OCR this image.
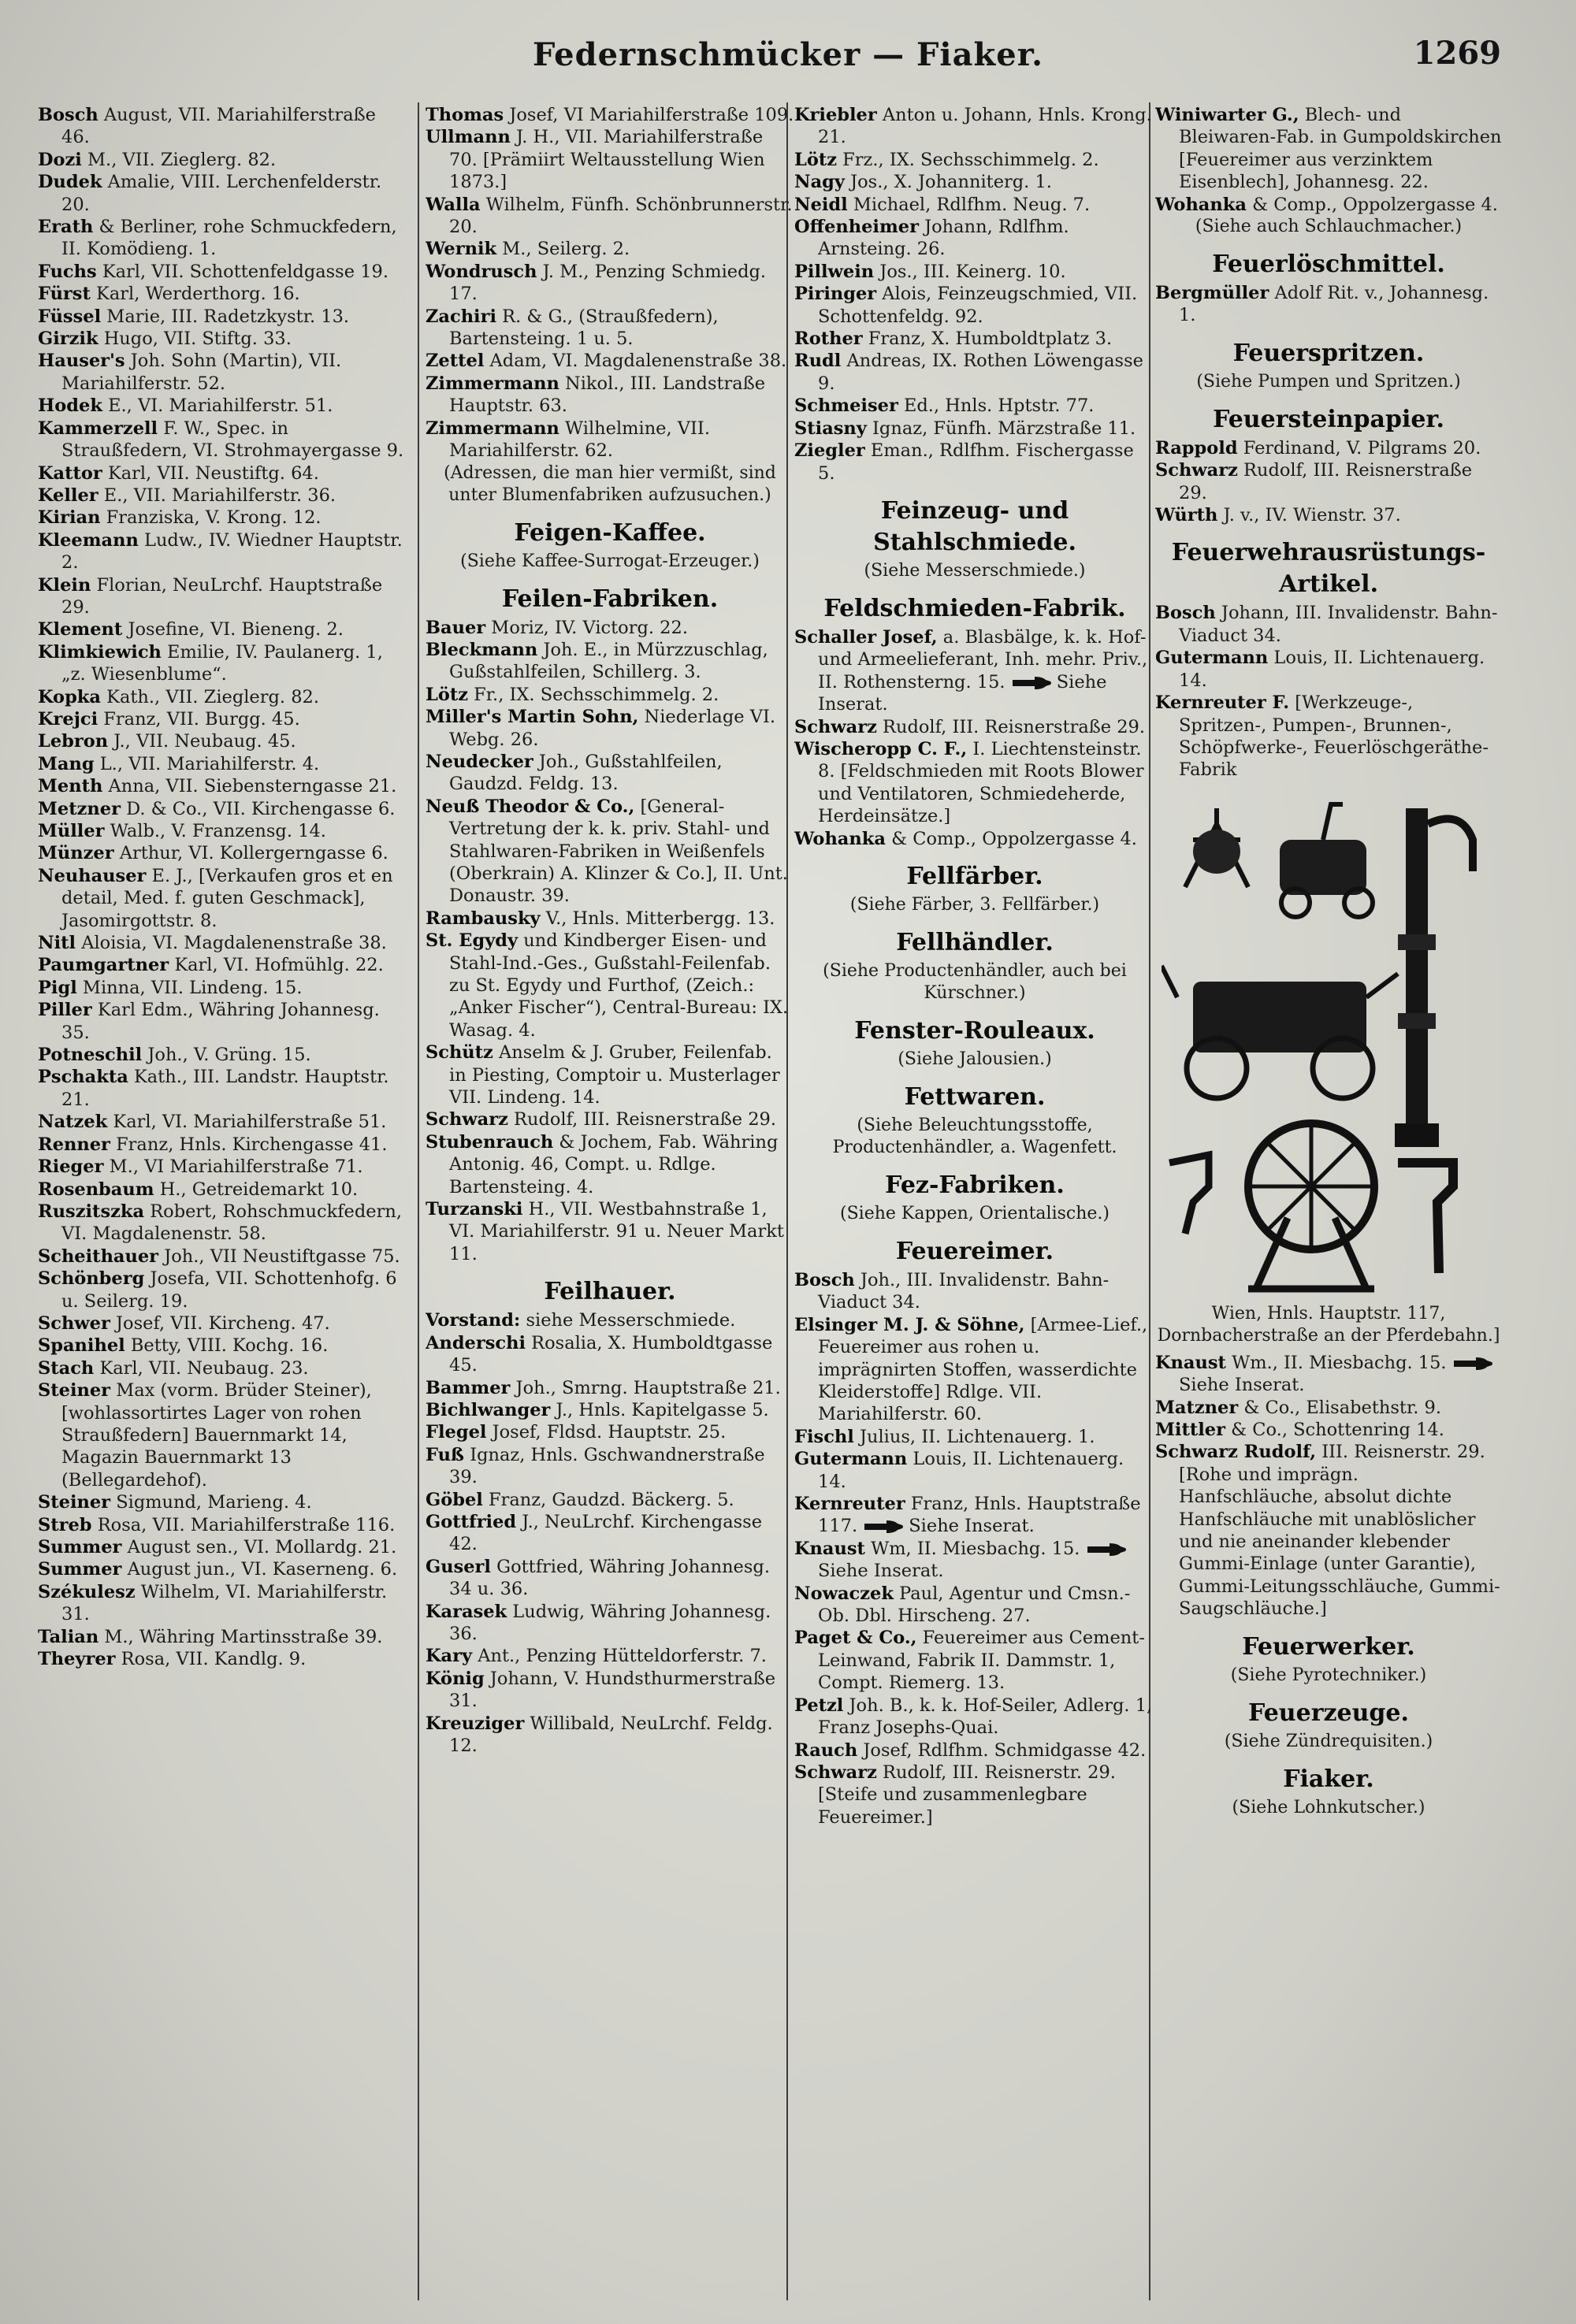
Federnschmücker — Fiaker.	1269

Bosch August, VII. Mariahilferstraße 46.

Dozi M., VII. Zieglerg. 82.

Dudek Amalie, VIII. Lerchenfelderstr. 20.

Erath & Berliner, rohe Schmuckfedern, II. Komödieng. 1.

Fuchs Karl, VII. Schottenfeldgasse 19.

Fürst Karl, Werderthorg. 16.

Füssel Marie, III. Radetzkystr. 13.

Girzik Hugo, VII. Stiftg. 33.

Hauser's Joh. Sohn (Martin), VII. Mariahilferstr. 52.

Hodek E., VI. Mariahilferstr. 51.

Kammerzell F. W., Spec. in Straußfedern, VI. Strohmayergasse 9.

Kattor Karl, VII. Neustiftg. 64.

Keller E., VII. Mariahilferstr. 36.

Kirian Franziska, V. Krong. 12.

Kleemann Ludw., IV. Wiedner Hauptstr. 2.

Klein Florian, NeuLrchf. Hauptstraße 29.

Klement Josefine, VI. Bieneng. 2.

Klimkiewich Emilie, IV. Paulanerg. 1, „z. Wiesenblume“.

Kopka Kath., VII. Zieglerg. 82.

Krejci Franz, VII. Burgg. 45.

Lebron J., VII. Neubaug. 45.

Mang L., VII. Mariahilferstr. 4.

Menth Anna, VII. Siebensterngasse 21.

Metzner D. & Co., VII. Kirchengasse 6.

Müller Walb., V. Franzensg. 14.

Münzer Arthur, VI. Kollergerngasse 6.

Neuhauser E. J., [Verkaufen gros et en detail, Med. f. guten Geschmack], Jasomirgottstr. 8.

Nitl Aloisia, VI. Magdalenenstraße 38.

Paumgartner Karl, VI. Hofmühlg. 22.

Pigl Minna, VII. Lindeng. 15.

Piller Karl Edm., Währing Johannesg. 35.

Potneschil Joh., V. Grüng. 15.

Pschakta Kath., III. Landstr. Hauptstr. 21.

Natzek Karl, VI. Mariahilferstraße 51.

Renner Franz, Hnls. Kirchengasse 41.

Rieger M., VI Mariahilferstraße 71.

Rosenbaum H., Getreidemarkt 10.

Ruszitszka Robert, Rohschmuckfedern, VI. Magdalenenstr. 58.

Scheithauer Joh., VII Neustiftgasse 75.

Schönberg Josefa, VII. Schottenhofg. 6 u. Seilerg. 19.

Schwer Josef, VII. Kircheng. 47.

Spanihel Betty, VIII. Kochg. 16.

Stach Karl, VII. Neubaug. 23.

Steiner Max (vorm. Brüder Steiner), [wohlassortirtes Lager von rohen Straußfedern] Bauernmarkt 14, Magazin Bauernmarkt 13 (Bellegardehof).

Steiner Sigmund, Marieng. 4.

Streb Rosa, VII. Mariahilferstraße 116.

Summer August sen., VI. Mollardg. 21.

Summer August jun., VI. Kaserneng. 6.

Székulesz Wilhelm, VI. Mariahilferstr. 31.

Talian M., Währing Martinsstraße 39.

Theyrer Rosa, VII. Kandlg. 9.

Thomas Josef, VI Mariahilferstraße 109.

Ullmann J. H., VII. Mariahilferstraße 70. [Prämiirt Weltausstellung Wien 1873.]

Walla Wilhelm, Fünfh. Schönbrunnerstr. 20.

Wernik M., Seilerg. 2.

Wondrusch J. M., Penzing Schmiedg. 17.

Zachiri R. & G., (Straußfedern), Bartensteing. 1 u. 5.

Zettel Adam, VI. Magdalenenstraße 38.

Zimmermann Nikol., III. Landstraße Hauptstr. 63.

Zimmermann Wilhelmine, VII. Mariahilferstr. 62.

(Adressen, die man hier vermißt, sind unter Blumenfabriken aufzusuchen.)
Feigen-Kaffee.
(Siehe Kaffee-Surrogat-Erzeuger.)
Feilen-Fabriken.

Bauer Moriz, IV. Victorg. 22.

Bleckmann Joh. E., in Mürzzuschlag, Gußstahlfeilen, Schillerg. 3.

Lötz Fr., IX. Sechsschimmelg. 2.

Miller's Martin Sohn, Niederlage VI. Webg. 26.

Neudecker Joh., Gußstahlfeilen, Gaudzd. Feldg. 13.

Neuß Theodor & Co., [General-Vertretung der k. k. priv. Stahl- und Stahlwaren-Fabriken in Weißenfels (Oberkrain) A. Klinzer & Co.], II. Unt. Donaustr. 39.

Rambausky V., Hnls. Mitterbergg. 13.

St. Egydy und Kindberger Eisen- und Stahl-Ind.-Ges., Gußstahl-Feilenfab. zu St. Egydy und Furthof, (Zeich.: „Anker Fischer“), Central-Bureau: IX. Wasag. 4.

Schütz Anselm & J. Gruber, Feilenfab. in Piesting, Comptoir u. Musterlager VII. Lindeng. 14.

Schwarz Rudolf, III. Reisnerstraße 29.

Stubenrauch & Jochem, Fab. Währing Antonig. 46, Compt. u. Rdlge. Bartensteing. 4.

Turzanski H., VII. Westbahnstraße 1, VI. Mariahilferstr. 91 u. Neuer Markt 11.

Feilhauer.

Vorstand: siehe Messerschmiede.

Anderschi Rosalia, X. Humboldtgasse 45.

Bammer Joh., Smrng. Hauptstraße 21.

Bichlwanger J., Hnls. Kapitelgasse 5.

Flegel Josef, Fldsd. Hauptstr. 25.

Fuß Ignaz, Hnls. Gschwandnerstraße 39.

Göbel Franz, Gaudzd. Bäckerg. 5.

Gottfried J., NeuLrchf. Kirchengasse 42.

Guserl Gottfried, Währing Johannesg. 34 u. 36.

Karasek Ludwig, Währing Johannesg. 36.

Kary Ant., Penzing Hütteldorferstr. 7.

König Johann, V. Hundsthurmerstraße 31.

Kreuziger Willibald, NeuLrchf. Feldg. 12.

Kriebler Anton u. Johann, Hnls. Krong. 21.

Lötz Frz., IX. Sechsschimmelg. 2.

Nagy Jos., X. Johanniterg. 1.

Neidl Michael, Rdlfhm. Neug. 7.

Offenheimer Johann, Rdlfhm. Arnsteing. 26.

Pillwein Jos., III. Keinerg. 10.

Piringer Alois, Feinzeugschmied, VII. Schottenfeldg. 92.

Rother Franz, X. Humboldtplatz 3.

Rudl Andreas, IX. Rothen Löwengasse 9.

Schmeiser Ed., Hnls. Hptstr. 77.

Stiasny Ignaz, Fünfh. Märzstraße 11.

Ziegler Eman., Rdlfhm. Fischergasse 5.

Feinzeug- und Stahlschmiede.
(Siehe Messerschmiede.)
Feldschmieden-Fabrik.

Schaller Josef, a. Blasbälge, k. k. Hof- und Armeelieferant, Inh. mehr. Priv., II. Rothensterng. 15.	Siehe Inserat.

Schwarz Rudolf, III. Reisnerstraße 29.

Wischeropp C. F., I. Liechtensteinstr. 8. [Feldschmieden mit Roots Blower und Ventilatoren, Schmiedeherde, Herdeinsätze.]

Wohanka & Comp., Oppolzergasse 4.

Fellfärber.
(Siehe Färber, 3. Fellfärber.)
Fellhändler.
(Siehe Productenhändler, auch bei Kürschner.)
Fenster-Rouleaux.
(Siehe Jalousien.)
Fettwaren.
(Siehe Beleuchtungsstoffe, Productenhändler, a. Wagenfett.
Fez-Fabriken.
(Siehe Kappen, Orientalische.)
Feuereimer.

Bosch Joh., III. Invalidenstr. Bahn-Viaduct 34.

Elsinger M. J. & Söhne, [Armee-Lief., Feuereimer aus rohen u. imprägnirten Stoffen, wasserdichte Kleiderstoffe] Rdlge. VII. Mariahilferstr. 60.

Fischl Julius, II. Lichtenauerg. 1.

Gutermann Louis, II. Lichtenauerg. 14.

Kernreuter Franz, Hnls. Hauptstraße 117.	Siehe Inserat.

Knaust Wm, II. Miesbachg. 15. Siehe Inserat.

Nowaczek Paul, Agentur und Cmsn.- Ob. Dbl. Hirscheng. 27.

Paget & Co., Feuereimer aus Cement-Leinwand, Fabrik II. Dammstr. 1, Compt. Riemerg. 13.

Petzl Joh. B., k. k. Hof-Seiler, Adlerg. 1, Franz Josephs-Quai.

Rauch Josef, Rdlfhm. Schmidgasse 42.

Schwarz Rudolf, III. Reisnerstr. 29. [Steife und zusammenlegbare Feuereimer.]

Winiwarter G., Blech- und Bleiwaren-Fab. in Gumpoldskirchen [Feuereimer aus verzinktem Eisenblech], Johannesg. 22.

Wohanka & Comp., Oppolzergasse 4.

(Siehe auch Schlauchmacher.)
Feuerlöschmittel.

Bergmüller Adolf Rit. v., Johannesg. 1.

Feuerspritzen.
(Siehe Pumpen und Spritzen.)
Feuersteinpapier.

Rappold Ferdinand, V. Pilgrams 20.

Schwarz Rudolf, III. Reisnerstraße 29.

Würth J. v., IV. Wienstr. 37.

Feuerwehrausrüstungs-Artikel.

Bosch Johann, III. Invalidenstr. Bahn-Viaduct 34.

Gutermann Louis, II. Lichtenauerg. 14.

Kernreuter F. [Werkzeuge-, Spritzen-, Pumpen-, Brunnen-, Schöpfwerke-, Feuerlöschgeräthe-Fabrik

Wien, Hnls. Hauptstr. 117, Dornbacherstraße an der Pferdebahn.]

Knaust Wm., II. Miesbachg. 15. Siehe Inserat.

Matzner & Co., Elisabethstr. 9.

Mittler & Co., Schottenring 14.

Schwarz Rudolf, III. Reisnerstr. 29. [Rohe und imprägn. Hanfschläuche, absolut dichte Hanfschläuche mit unablöslicher und nie aneinander klebender Gummi-Einlage (unter Garantie), Gummi-Leitungsschläuche, Gummi-Saugschläuche.]

Feuerwerker.
(Siehe Pyrotechniker.)
Feuerzeuge.
(Siehe Zündrequisiten.)
Fiaker.
(Siehe Lohnkutscher.)
